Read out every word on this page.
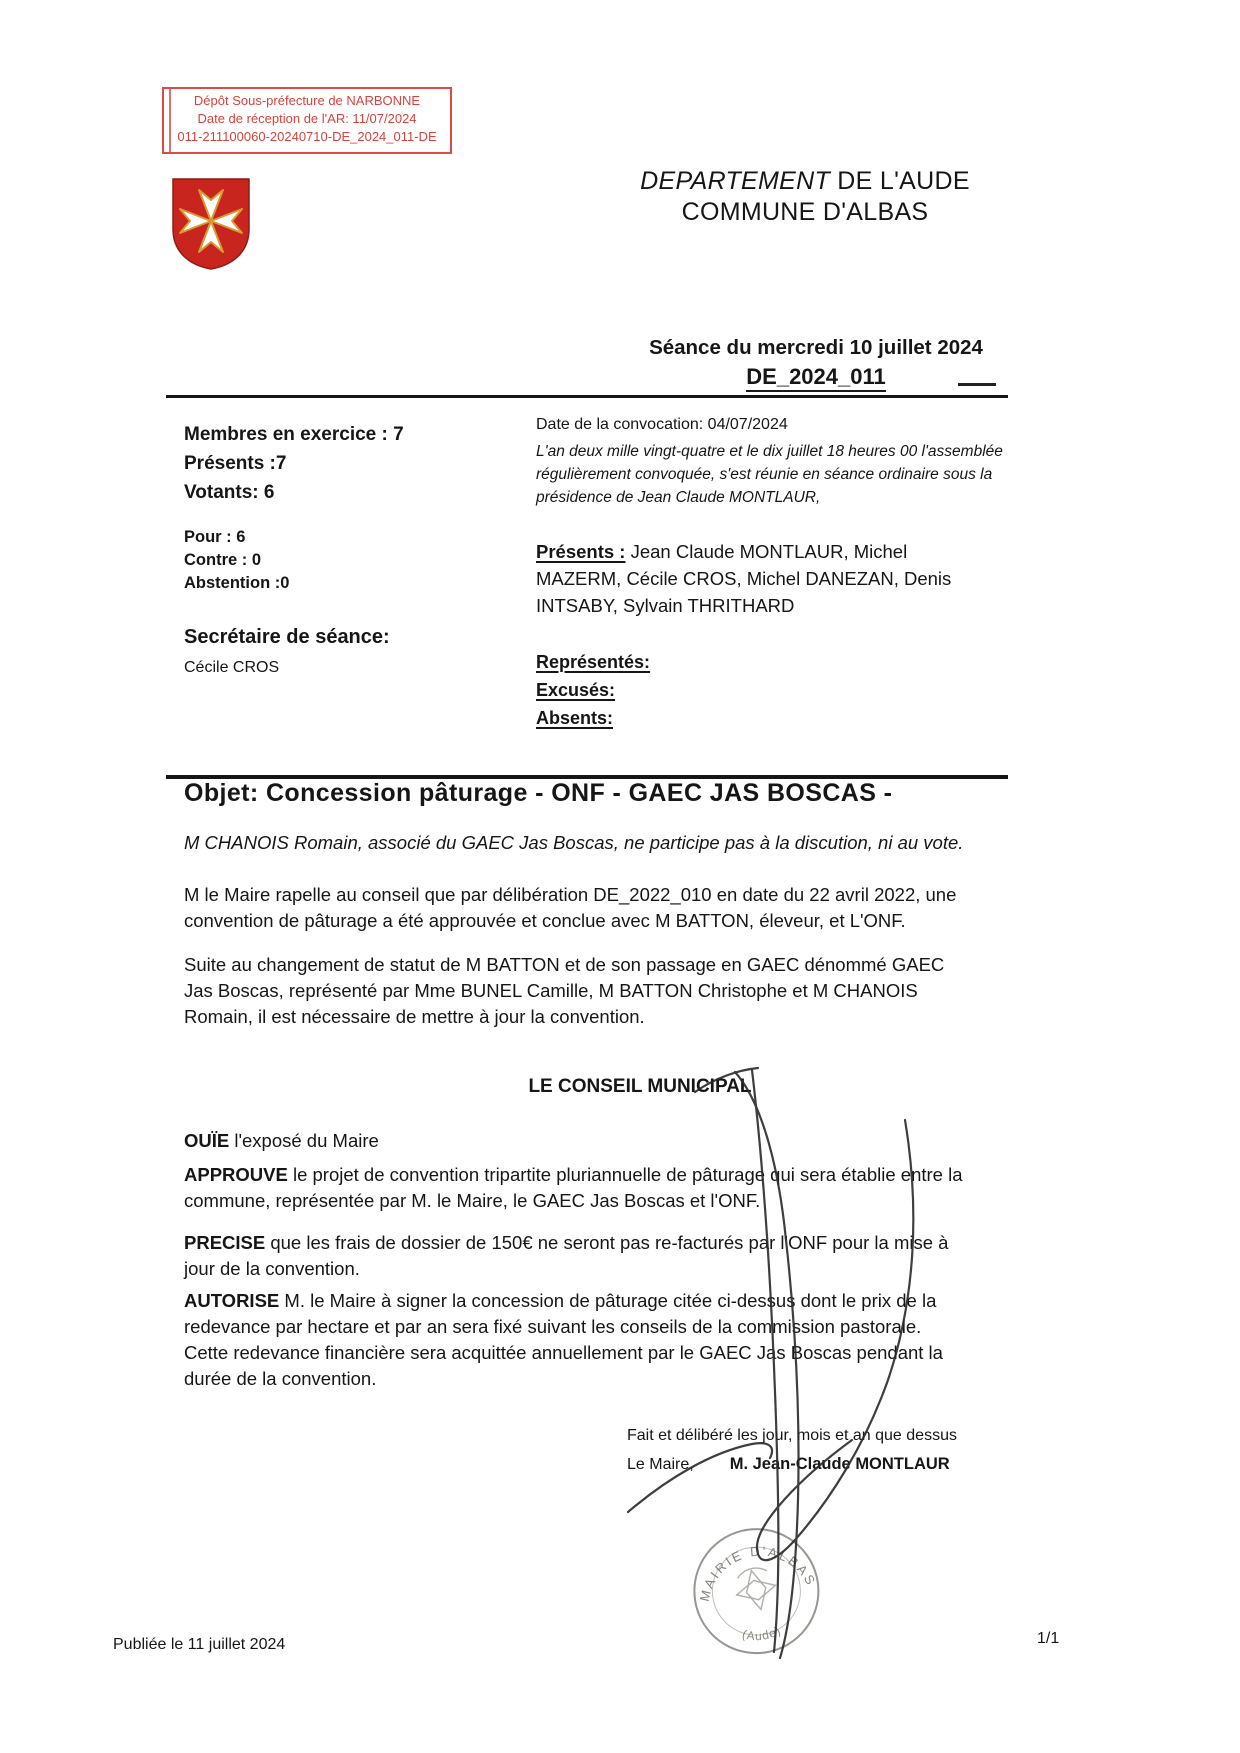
Dépôt Sous-préfecture de NARBONNE
Date de réception de l'AR: 11/07/2024
011-211100060-20240710-DE_2024_011-DE
DEPARTEMENT DE L'AUDE
COMMUNE D'ALBAS
Séance du mercredi 10 juillet 2024
DE_2024_011
Membres en exercice : 7
Présents :7
Votants: 6
Pour : 6
Contre : 0
Abstention :0
Secrétaire de séance:
Cécile CROS
Date de la convocation: 04/07/2024
L'an deux mille vingt-quatre et le dix juillet 18 heures 00 l'assemblée
régulièrement convoquée, s'est réunie en séance ordinaire sous la
présidence de Jean Claude MONTLAUR,
Présents : Jean Claude MONTLAUR, Michel
MAZERM, Cécile CROS, Michel DANEZAN, Denis
INTSABY, Sylvain THRITHARD
Représentés:
Excusés:
Absents:
Objet: Concession pâturage - ONF - GAEC JAS BOSCAS -
M CHANOIS Romain, associé du GAEC Jas Boscas, ne participe pas à la discution, ni au vote.
M le Maire rapelle au conseil que par délibération DE_2022_010 en date du 22 avril 2022, une
convention de pâturage a été approuvée et conclue avec M BATTON, éleveur, et L'ONF.
Suite au changement de statut de M BATTON et de son passage en GAEC dénommé GAEC
Jas Boscas, représenté par Mme BUNEL Camille, M BATTON Christophe et M CHANOIS
Romain, il est nécessaire de mettre à jour la convention.
LE CONSEIL MUNICIPAL
OUÏE l'exposé du Maire
APPROUVE le projet de convention tripartite pluriannuelle de pâturage qui sera établie entre la
commune, représentée par M. le Maire, le GAEC Jas Boscas et l'ONF.
PRECISE que les frais de dossier de 150€ ne seront pas re-facturés par l'ONF pour la mise à
jour de la convention.
AUTORISE M. le Maire à signer la concession de pâturage citée ci-dessus dont le prix de la
redevance par hectare et par an sera fixé suivant les conseils de la commission pastorale.
Cette redevance financière sera acquittée annuellement par le GAEC Jas Boscas pendant la
durée de la convention.
Fait et délibéré les jour, mois et an que dessus
Le Maire, M. Jean-Claude MONTLAUR
MAIRIE D'ALBAS
(Aude)
Publiée le 11 juillet 2024	1/1
